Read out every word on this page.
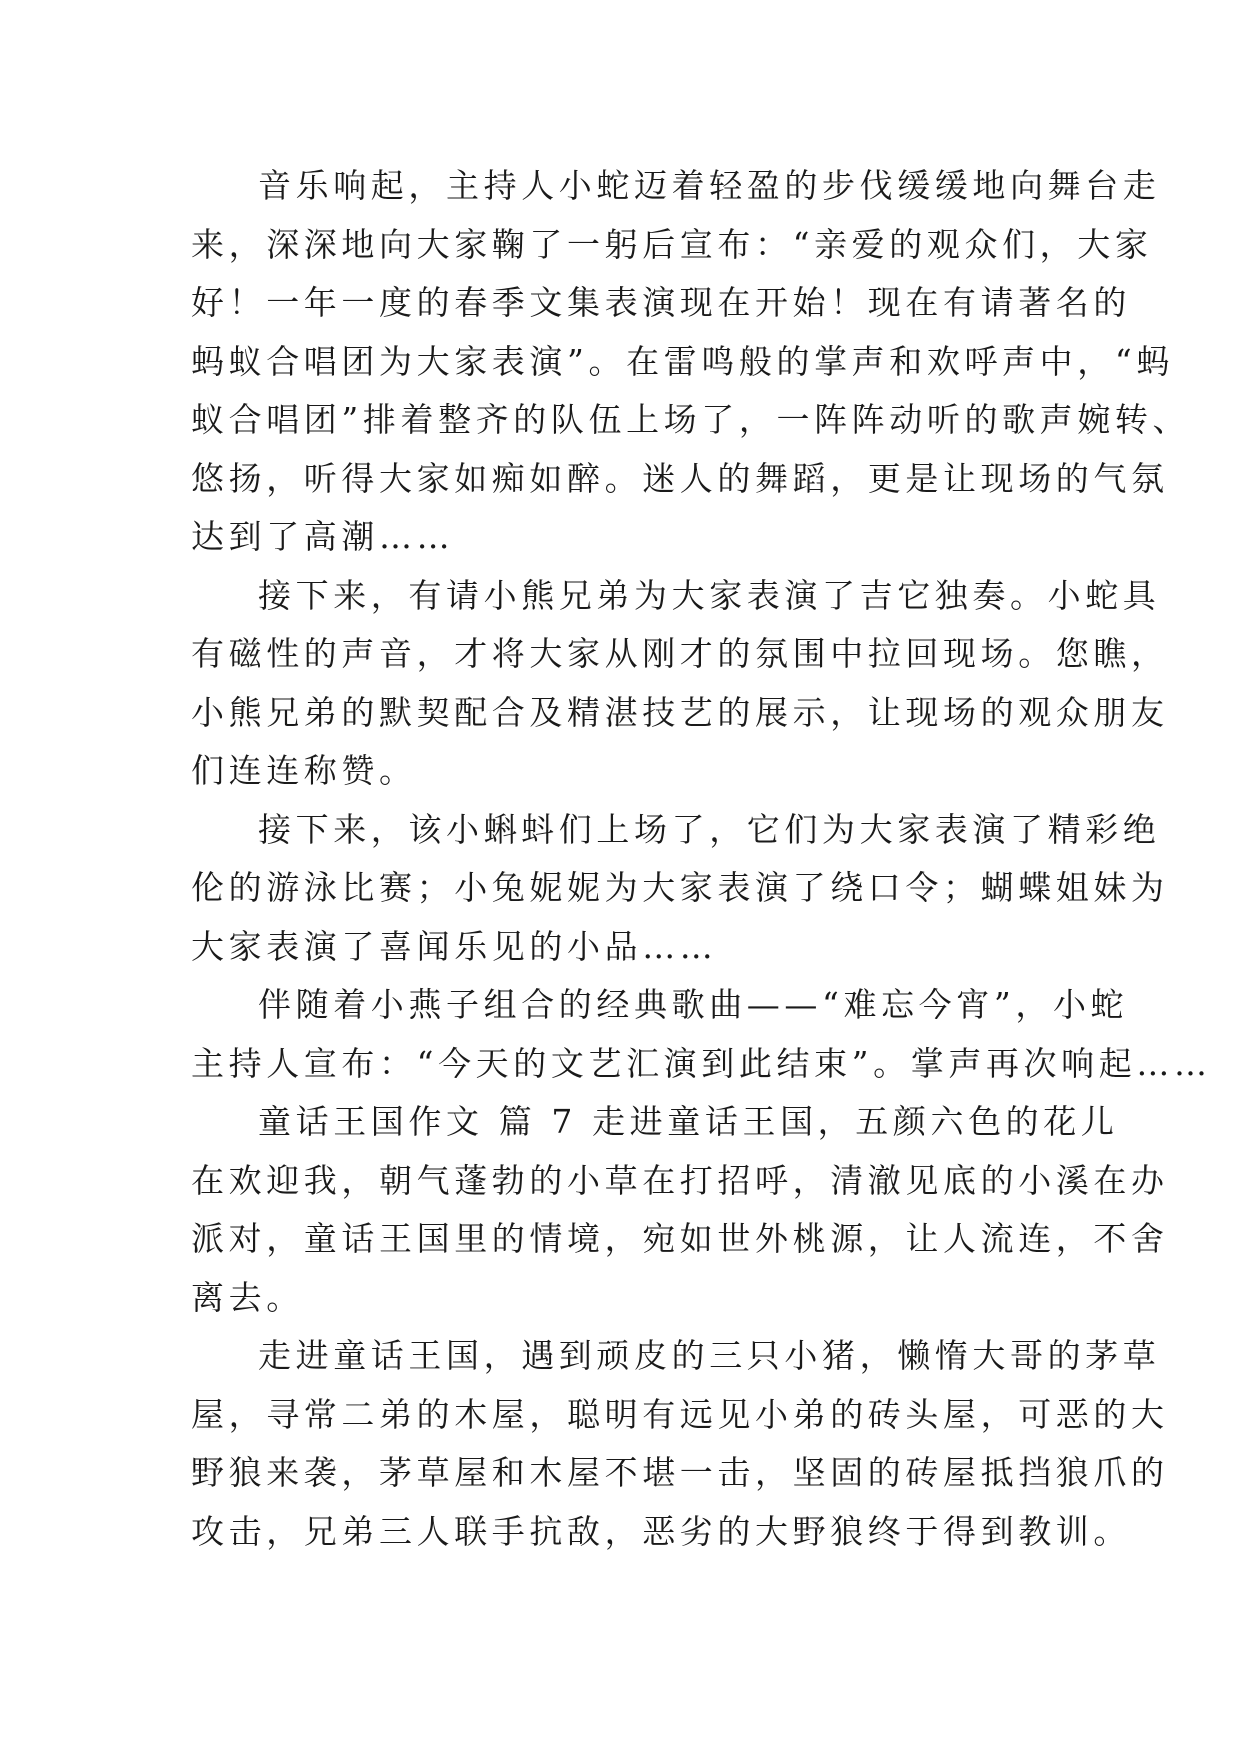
音乐响起，主持人小蛇迈着轻盈的步伐缓缓地向舞台走
来，深深地向大家鞠了一躬后宣布：“亲爱的观众们，大家
好！一年一度的春季文集表演现在开始！现在有请著名的
蚂蚁合唱团为大家表演”。在雷鸣般的掌声和欢呼声中，“蚂
蚁合唱团”排着整齐的队伍上场了，一阵阵动听的歌声婉转、
悠扬，听得大家如痴如醉。迷人的舞蹈，更是让现场的气氛
达到了高潮……
接下来，有请小熊兄弟为大家表演了吉它独奏。小蛇具
有磁性的声音，才将大家从刚才的氛围中拉回现场。您瞧，
小熊兄弟的默契配合及精湛技艺的展示，让现场的观众朋友
们连连称赞。
接下来，该小蝌蚪们上场了，它们为大家表演了精彩绝
伦的游泳比赛；小兔妮妮为大家表演了绕口令；蝴蝶姐妹为
大家表演了喜闻乐见的小品……
伴随着小燕子组合的经典歌曲——“难忘今宵”，小蛇
主持人宣布：“今天的文艺汇演到此结束”。掌声再次响起……
童话王国作文 篇 7 走进童话王国，五颜六色的花儿
在欢迎我，朝气蓬勃的小草在打招呼，清澈见底的小溪在办
派对，童话王国里的情境，宛如世外桃源，让人流连，不舍
离去。
走进童话王国，遇到顽皮的三只小猪，懒惰大哥的茅草
屋，寻常二弟的木屋，聪明有远见小弟的砖头屋，可恶的大
野狼来袭，茅草屋和木屋不堪一击，坚固的砖屋抵挡狼爪的
攻击，兄弟三人联手抗敌，恶劣的大野狼终于得到教训。
